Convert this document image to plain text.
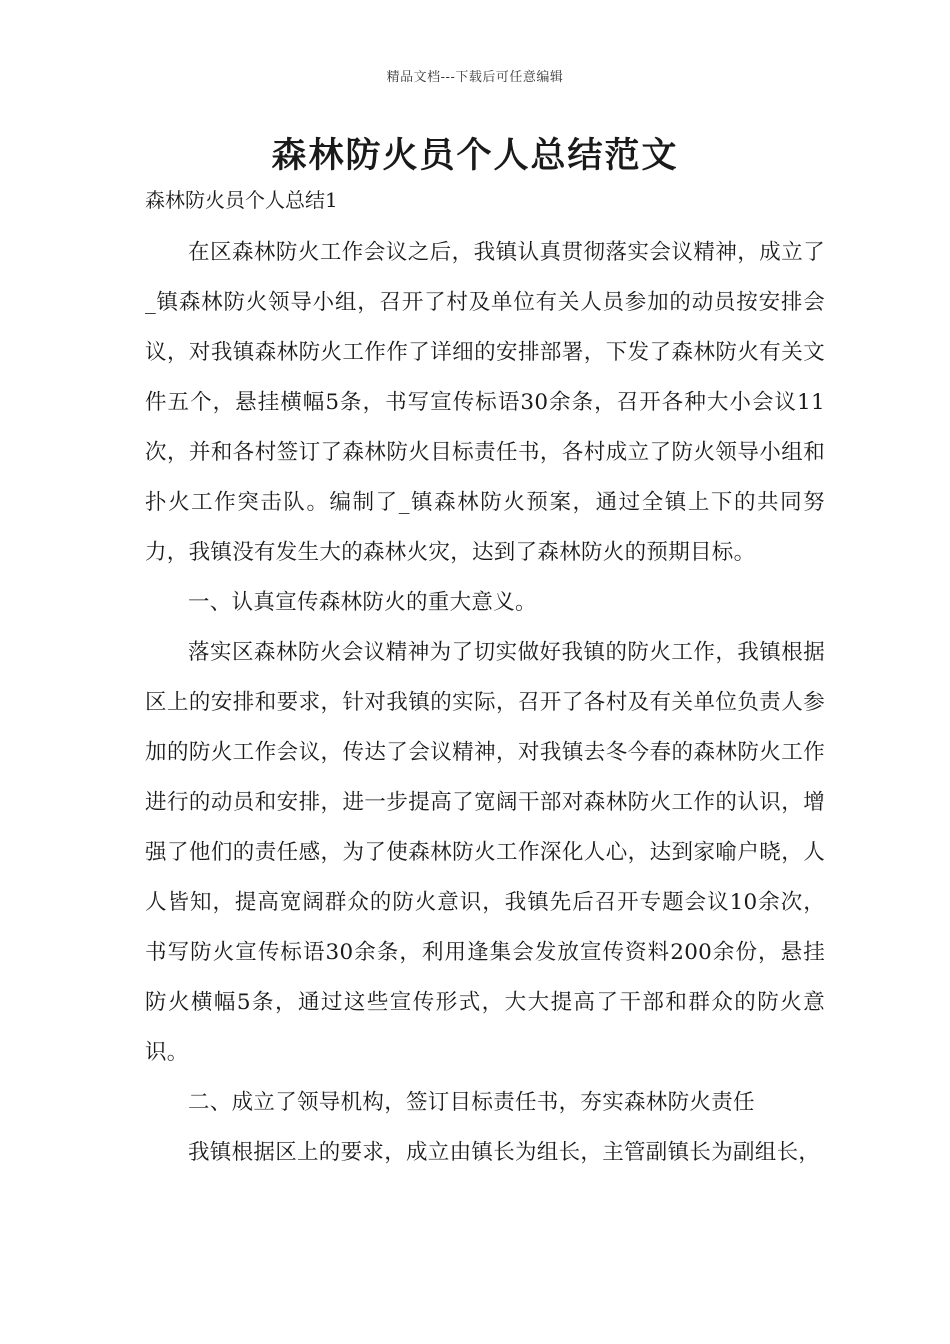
精品文档---下载后可任意编辑
森林防火员个人总结范文
森林防火员个人总结1

在区森林防火工作会议之后，我镇认真贯彻落实会议精神，成立了_镇森林防火领导小组，召开了村及单位有关人员参加的动员按安排会议，对我镇森林防火工作作了详细的安排部署，下发了森林防火有关文件五个，悬挂横幅5条，书写宣传标语30余条，召开各种大小会议11次，并和各村签订了森林防火目标责任书，各村成立了防火领导小组和扑火工作突击队。编制了_镇森林防火预案，通过全镇上下的共同努力，我镇没有发生大的森林火灾，达到了森林防火的预期目标。

一、认真宣传森林防火的重大意义。

落实区森林防火会议精神为了切实做好我镇的防火工作，我镇根据区上的安排和要求，针对我镇的实际，召开了各村及有关单位负责人参加的防火工作会议，传达了会议精神，对我镇去冬今春的森林防火工作进行的动员和安排，进一步提高了宽阔干部对森林防火工作的认识，增强了他们的责任感，为了使森林防火工作深化人心，达到家喻户晓，人人皆知，提高宽阔群众的防火意识，我镇先后召开专题会议10余次，书写防火宣传标语30余条，利用逢集会发放宣传资料200余份，悬挂防火横幅5条，通过这些宣传形式，大大提高了干部和群众的防火意识。

二、成立了领导机构，签订目标责任书，夯实森林防火责任

我镇根据区上的要求，成立由镇长为组长，主管副镇长为副组长，
